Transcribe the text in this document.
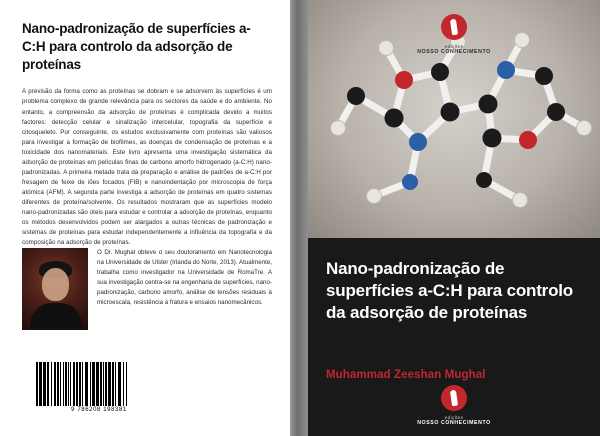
Nano-padronização de superfícies a-C:H para controlo da adsorção de proteínas
A previsão da forma como as proteínas se dobram e se adsorvem às superfícies é um problema complexo de grande relevância para os sectores da saúde e do ambiente. No entanto, a compreensão da adsorção de proteínas é complicada devido a muitos factores: detecção celular e sinalização intercelular, topografia da superfície e citosqueleto. Por conseguinte, os estudos exclusivamente com proteínas são valiosos para investigar a formação de biofilmes, as doenças de condensação de proteínas e a toxicidade dos nanomateriais. Este livro apresenta uma investigação sistemática da adsorção de proteínas em películas finas de carbono amorfo hidrogenado (a-C:H) nano-padronizadas. A primeira metade trata da preparação e análise de padrões de a-C:H por fresagem de feixe de iões focados (FIB) e nanoindentação por microscopia de força atómica (AFM). A segunda parte investiga a adsorção de proteínas em quatro sistemas diferentes de proteína/solvente. Os resultados mostraram que as superfícies modelo nano-padronizadas são úteis para estudar e controlar a adsorção de proteínas, enquanto os métodos desenvolvidos podem ser alargados a outras técnicas de padronização e sistemas de proteínas para estudar independentemente a influência da topografia e da composição na adsorção de proteínas.
O Dr. Mughal obteve o seu doutoramento em Nanotecnologia na Universidade de Ulster (Irlanda do Norte, 2013). Atualmente, trabalha como investigador na Universidade de RomaTre. A sua investigação centra-se na engenharia de superfícies, nano-padronização, carbono amorfo, análise de tensões residuais à microescala, resistência à fratura e ensaios nanomecânicos.
9 786208 198381
edições
NOSSO CONHECIMENTO
Nano-padronização de superfícies a-C:H para controlo da adsorção de proteínas
Muhammad Zeeshan Mughal
edições
NOSSO CONHECIMENTO
